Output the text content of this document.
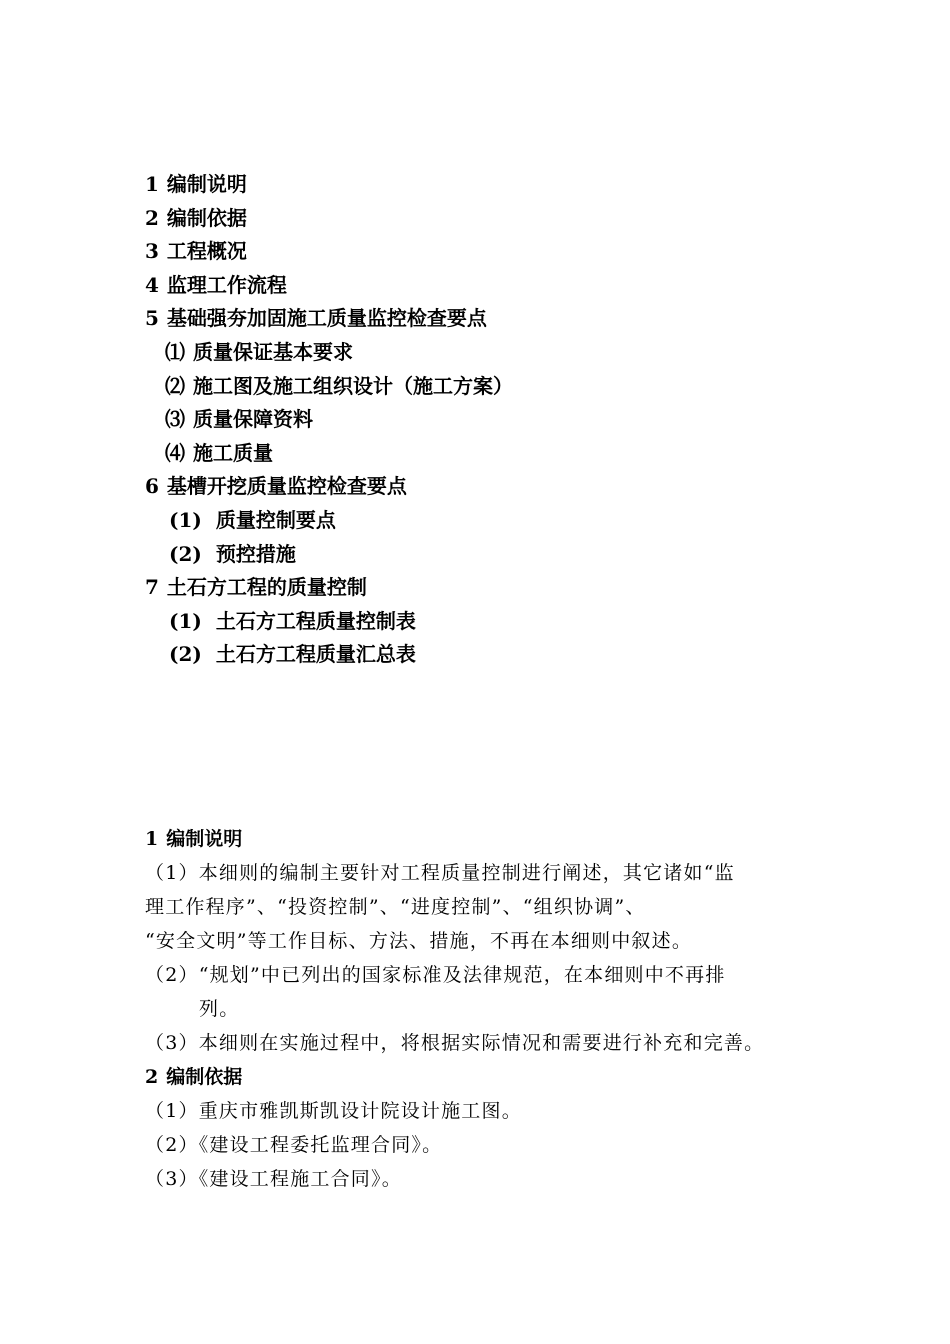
1 编制说明
2 编制依据
3 工程概况
4 监理工作流程
5 基础强夯加固施工质量监控检查要点
⑴ 质量保证基本要求
⑵ 施工图及施工组织设计（施工方案）
⑶ 质量保障资料
⑷ 施工质量
6 基槽开挖质量监控检查要点
(1) 质量控制要点
(2) 预控措施
7 土石方工程的质量控制
(1) 土石方工程质量控制表
(2) 土石方工程质量汇总表
1 编制说明
（1）本细则的编制主要针对工程质量控制进行阐述，其它诸如“监
理工作程序”、“投资控制”、“进度控制”、“组织协调”、
“安全文明”等工作目标、方法、措施，不再在本细则中叙述。
（2）“规划”中已列出的国家标准及法律规范，在本细则中不再排
列。
（3）本细则在实施过程中，将根据实际情况和需要进行补充和完善。
2 编制依据
（1）重庆市雅凯斯凯设计院设计施工图。
（2）《建设工程委托监理合同》。
（3）《建设工程施工合同》。
